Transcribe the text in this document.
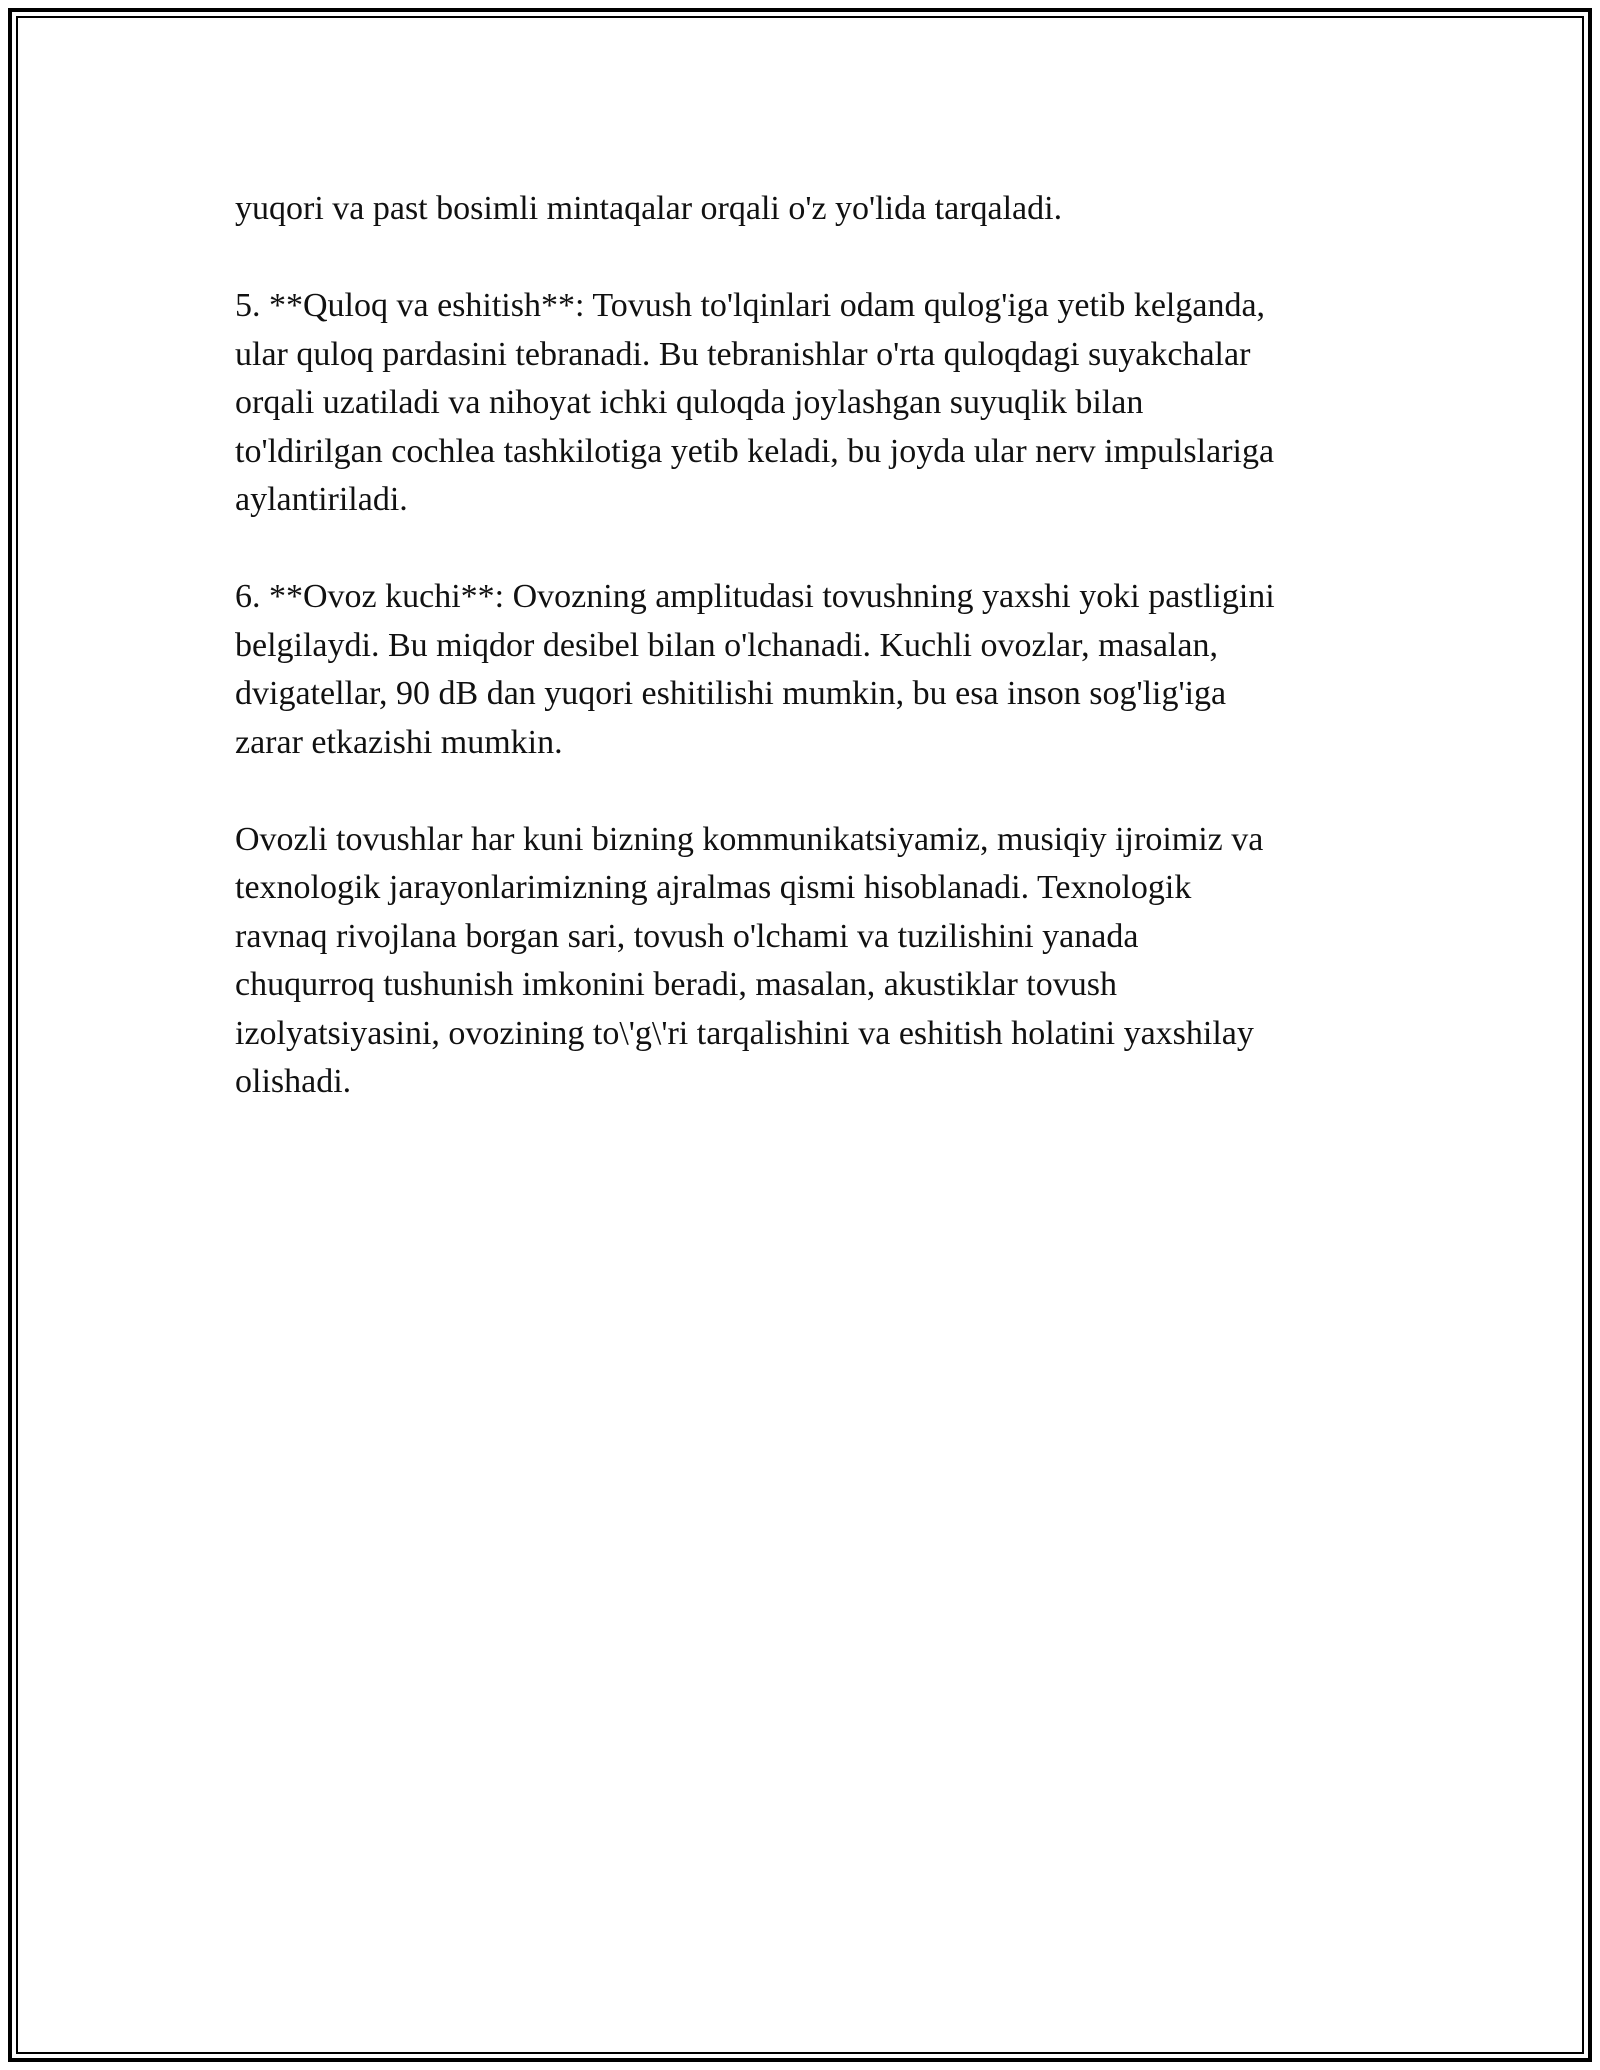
yuqori va past bosimli mintaqalar orqali o'z yo'lida tarqaladi.

5. **Quloq va eshitish**: Tovush to'lqinlari odam qulog'iga yetib kelganda,
ular quloq pardasini tebranadi. Bu tebranishlar o'rta quloqdagi suyakchalar
orqali uzatiladi va nihoyat ichki quloqda joylashgan suyuqlik bilan
to'ldirilgan cochlea tashkilotiga yetib keladi, bu joyda ular nerv impulslariga
aylantiriladi.

6. **Ovoz kuchi**: Ovozning amplitudasi tovushning yaxshi yoki pastligini
belgilaydi. Bu miqdor desibel bilan o'lchanadi. Kuchli ovozlar, masalan,
dvigatellar, 90 dB dan yuqori eshitilishi mumkin, bu esa inson sog'lig'iga
zarar etkazishi mumkin.

Ovozli tovushlar har kuni bizning kommunikatsiyamiz, musiqiy ijroimiz va
texnologik jarayonlarimizning ajralmas qismi hisoblanadi. Texnologik
ravnaq rivojlana borgan sari, tovush o'lchami va tuzilishini yanada
chuqurroq tushunish imkonini beradi, masalan, akustiklar tovush
izolyatsiyasini, ovozining to\'g\'ri tarqalishini va eshitish holatini yaxshilay
olishadi.
